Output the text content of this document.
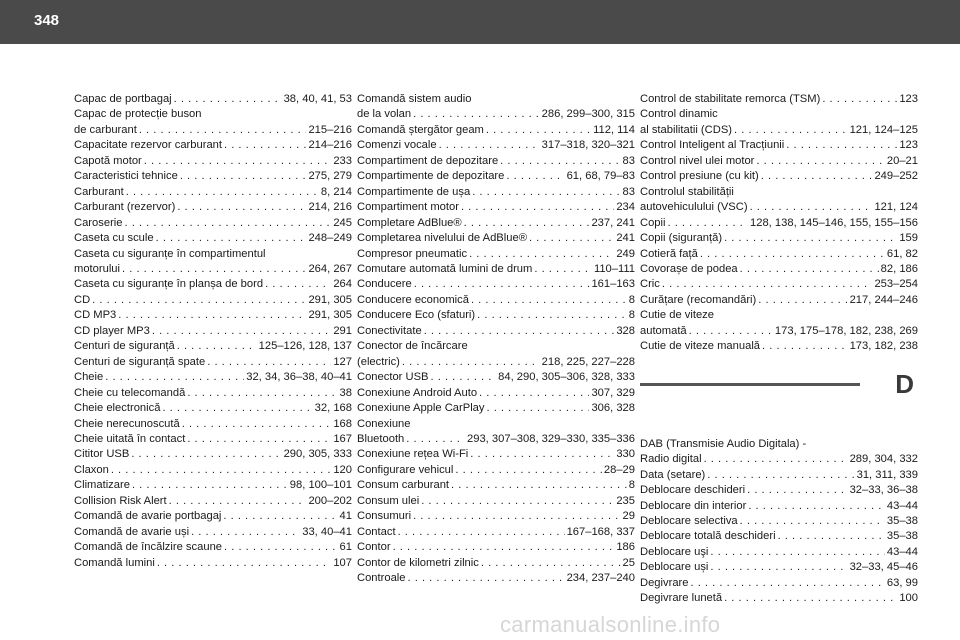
348
Capac de portbagaj . . .	38, 40, 41, 53
Capac de protecție buson
de carburant . . .	215–216
Capacitate rezervor carburant . . .	214–216
Capotă motor . . .	233
Caracteristici tehnice . . .	275, 279
Carburant . . .	8, 214
Carburant (rezervor) . . .	214, 216
Caroserie . . .	245
Caseta cu scule . . .	248–249
Caseta cu siguranțe în compartimentul
motorului . . .	264, 267
Caseta cu siguranțe în planșa de bord . . .	264
CD . . .	291, 305
CD MP3 . . .	291, 305
CD player MP3 . . .	291
Centuri de siguranță . . .	125–126, 128, 137
Centuri de siguranță spate . . .	127
Cheie . . .	32, 34, 36–38, 40–41
Cheie cu telecomandă . . .	38
Cheie electronică . . .	32, 168
Cheie nerecunoscută . . .	168
Cheie uitată în contact . . .	167
Cititor USB . . .	290, 305, 333
Claxon . . .	120
Climatizare . . .	98, 100–101
Collision Risk Alert . . .	200–202
Comandă de avarie portbagaj . . .	41
Comandă de avarie uși . . .	33, 40–41
Comandă de încălzire scaune . . .	61
Comandă lumini . . .	107
Comandă sistem audio
de la volan . . .	286, 299–300, 315
Comandă ștergător geam . . .	112, 114
Comenzi vocale . . .	317–318, 320–321
Compartiment de depozitare . . .	83
Compartimente de depozitare . . .	61, 68, 79–83
Compartimente de ușa . . .	83
Compartiment motor . . .	234
Completare AdBlue® . . .	237, 241
Completarea nivelului de AdBlue® . . .	241
Compresor pneumatic . . .	249
Comutare automată lumini de drum . . .	110–111
Conducere . . .	161–163
Conducere economică . . .	8
Conducere Eco (sfaturi) . . .	8
Conectivitate . . .	328
Conector de încărcare
(electric) . . .	218, 225, 227–228
Conector USB . . .	84, 290, 305–306, 328, 333
Conexiune Android Auto . . .	307, 329
Conexiune Apple CarPlay . . .	306, 328
Conexiune
Bluetooth . . .	293, 307–308, 329–330, 335–336
Conexiune rețea Wi-Fi . . .	330
Configurare vehicul . . .	28–29
Consum carburant . . .	8
Consum ulei . . .	235
Consumuri . . .	29
Contact . . .	167–168, 337
Contor . . .	186
Contor de kilometri zilnic . . .	25
Controale . . .	234, 237–240
Control de stabilitate remorca (TSM) . . .	123
Control dinamic
al stabilitatii (CDS) . . .	121, 124–125
Control Inteligent al Tracțiunii . . .	123
Control nivel ulei motor . . .	20–21
Control presiune (cu kit) . . .	249–252
Controlul stabilității
autovehiculului (VSC) . . .	121, 124
Copii . . .	128, 138, 145–146, 155, 155–156
Copii (siguranță) . . .	159
Cotieră față . . .	61, 82
Covorașe de podea . . .	82, 186
Cric . . .	253–254
Curățare (recomandări) . . .	217, 244–246
Cutie de viteze
automată . . .	173, 175–178, 182, 238, 269
Cutie de viteze manuală . . .	173, 182, 238
D
DAB (Transmisie Audio Digitala) -
Radio digital . . .	289, 304, 332
Data (setare) . . .	31, 311, 339
Deblocare deschideri . . .	32–33, 36–38
Deblocare din interior . . .	43–44
Deblocare selectiva . . .	35–38
Deblocare totală deschideri . . .	35–38
Deblocare uşi . . .	43–44
Deblocare uși . . .	32–33, 45–46
Degivrare . . .	63, 99
Degivrare lunetă . . .	100
carmanualsonline.info
